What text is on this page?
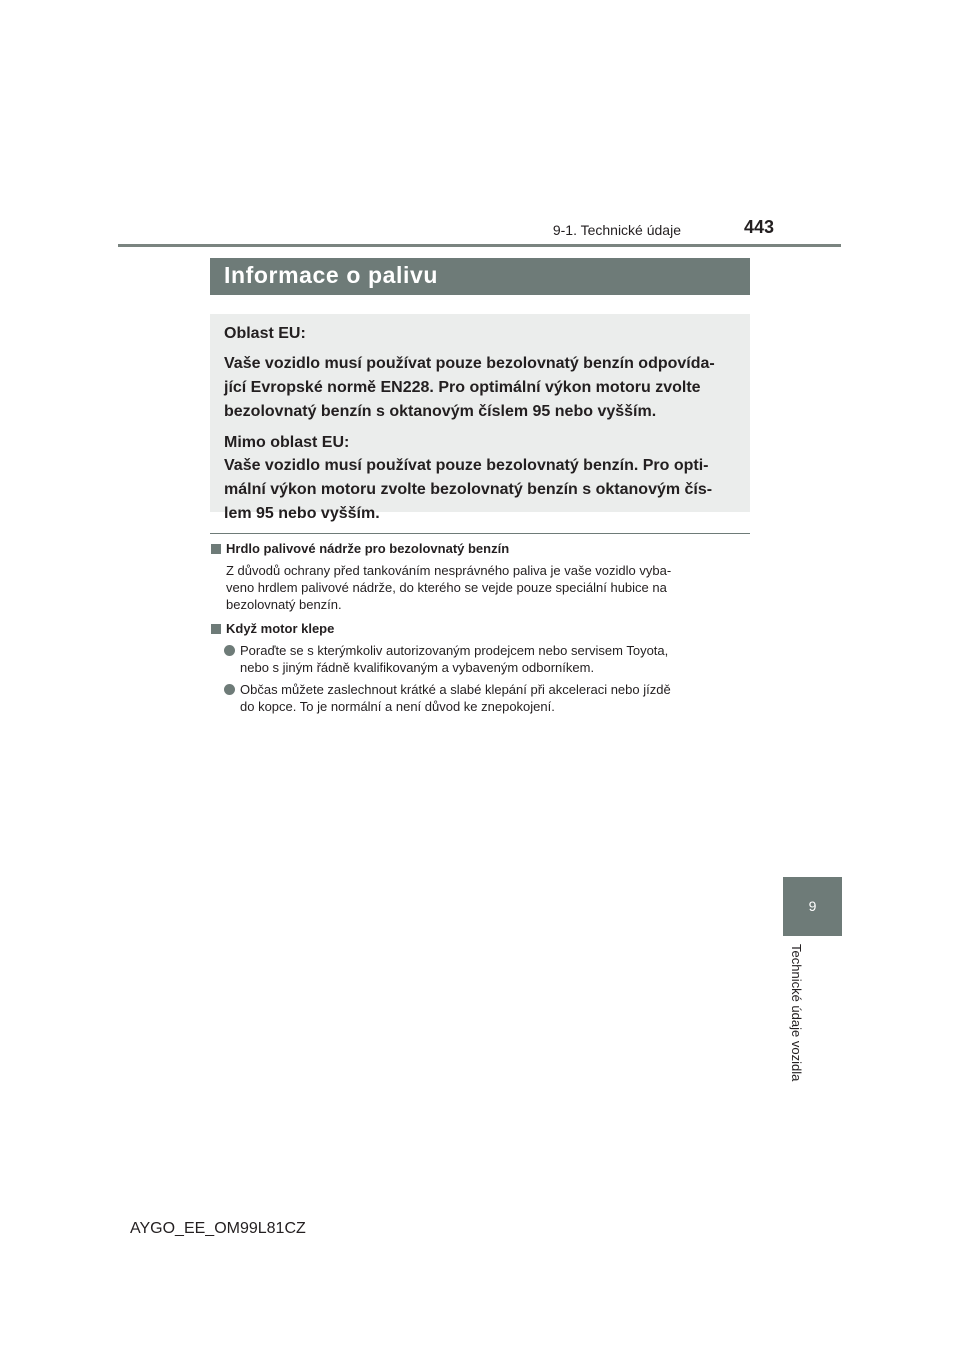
9-1. Technické údaje	443
Informace o palivu
Oblast EU:
Vaše vozidlo musí používat pouze bezolovnatý benzín odpovída-
jící Evropské normě EN228. Pro optimální výkon motoru zvolte
bezolovnatý benzín s oktanovým číslem 95 nebo vyšším.
Mimo oblast EU:
Vaše vozidlo musí používat pouze bezolovnatý benzín. Pro opti-
mální výkon motoru zvolte bezolovnatý benzín s oktanovým čís-
lem 95 nebo vyšším.
Hrdlo palivové nádrže pro bezolovnatý benzín
Z důvodů ochrany před tankováním nesprávného paliva je vaše vozidlo vyba-
veno hrdlem palivové nádrže, do kterého se vejde pouze speciální hubice na
bezolovnatý benzín.
Když motor klepe
Poraďte se s kterýmkoliv autorizovaným prodejcem nebo servisem Toyota,
nebo s jiným řádně kvalifikovaným a vybaveným odborníkem.
Občas můžete zaslechnout krátké a slabé klepání při akceleraci nebo jízdě
do kopce. To je normální a není důvod ke znepokojení.
9
Technické údaje vozidla
AYGO_EE_OM99L81CZ
